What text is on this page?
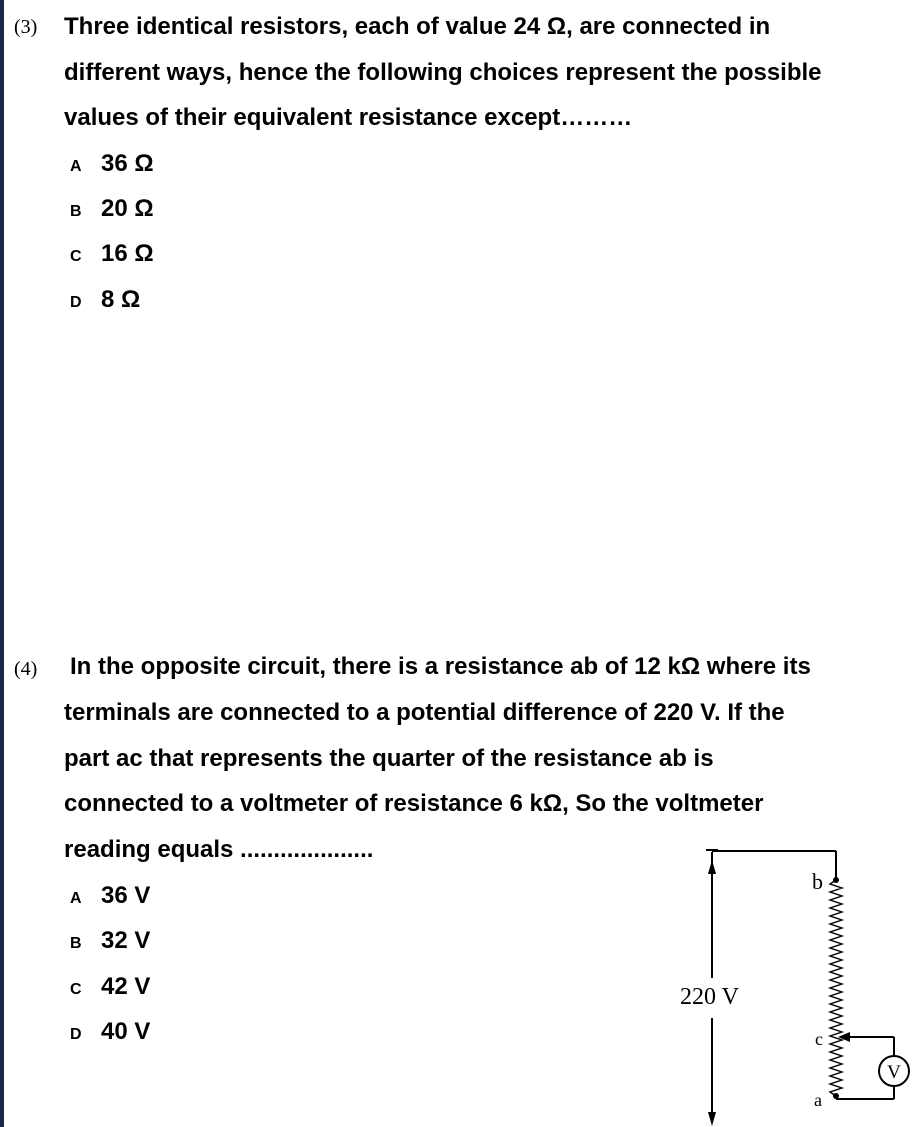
(3) Three identical resistors, each of value 24 Ω, are connected in
different ways, hence the following choices represent the possible
values of their equivalent resistance except………
A 36 Ω
B 20 Ω
C 16 Ω
D 8 Ω
(4) In the opposite circuit, there is a resistance ab of 12 kΩ where its
terminals are connected to a potential difference of 220 V. If the
part ac that represents the quarter of the resistance ab is
connected to a voltmeter of resistance 6 kΩ, So the voltmeter
reading equals ....................
A 36 V
B 32 V
C 42 V
D 40 V
V
220 V
b
c
a
